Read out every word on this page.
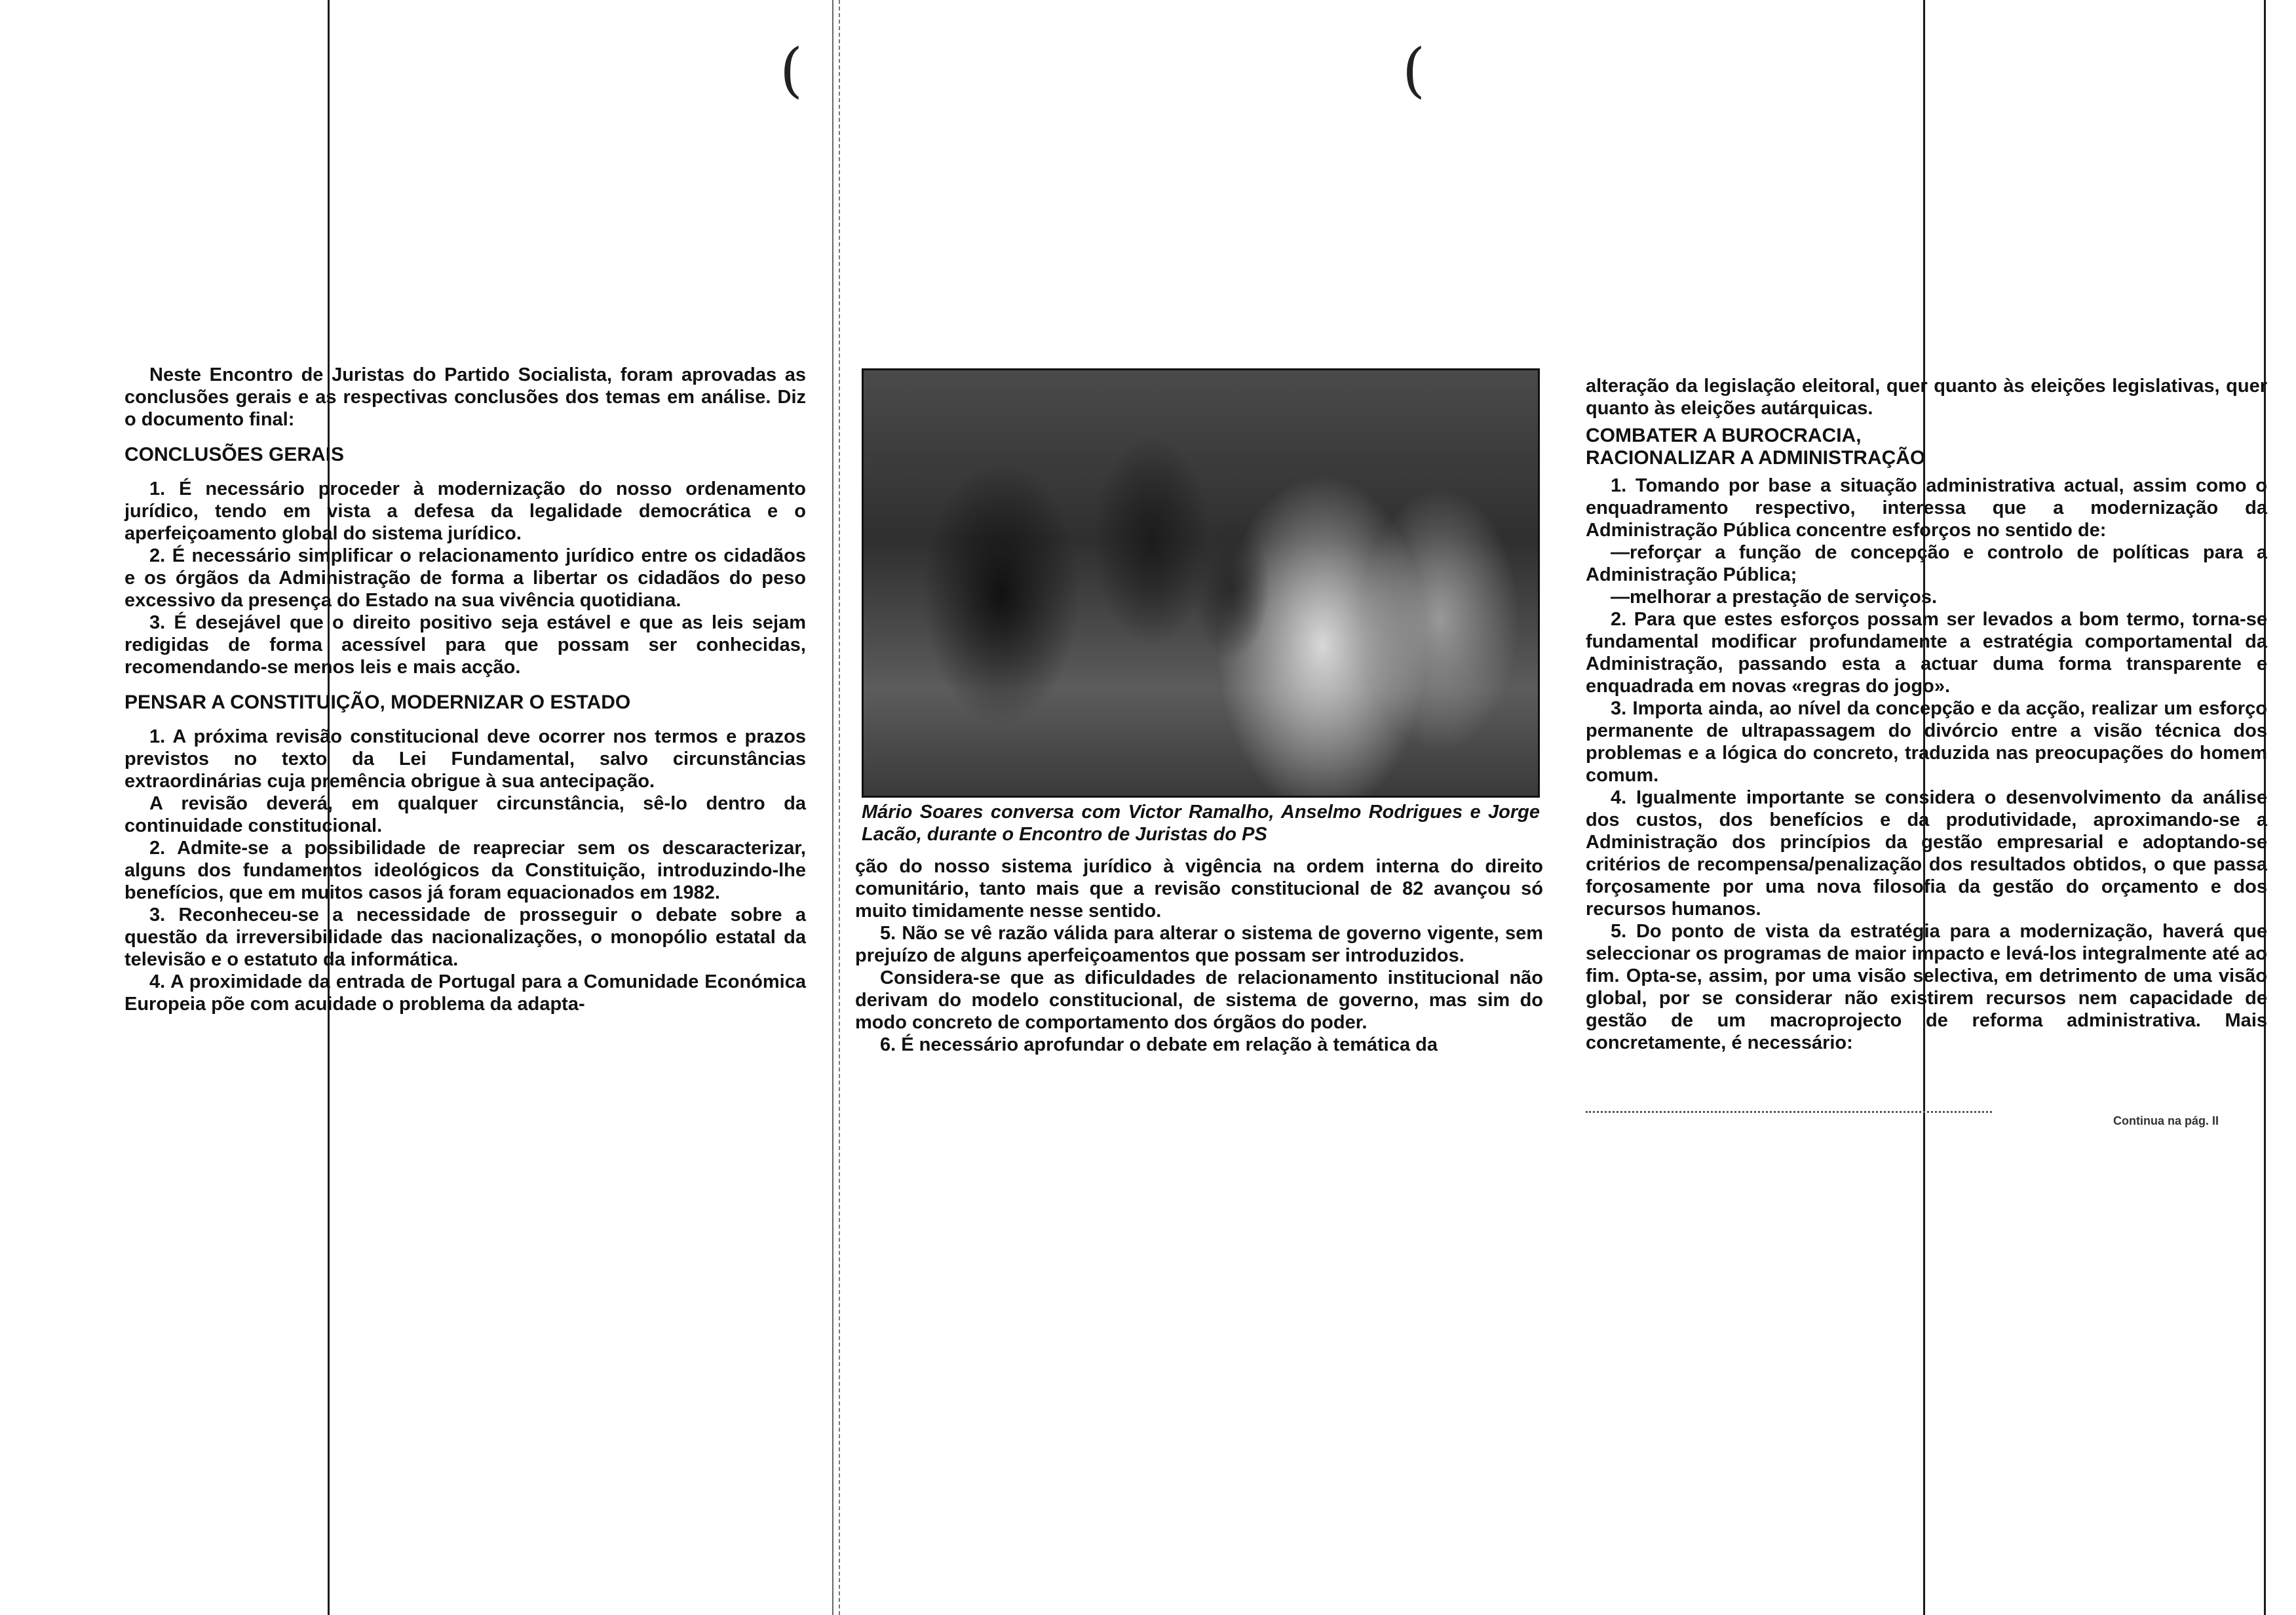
(	(

Neste Encontro de Juristas do Partido Socialista, foram aprovadas as conclusões gerais e as respectivas conclusões dos temas em análise. Diz o documento final:

CONCLUSÕES GERAIS

1. É necessário proceder à modernização do nosso ordenamento jurídico, tendo em vista a defesa da legalidade democrática e o aperfeiçoamento global do sistema jurídico.

2. É necessário simplificar o relacionamento jurídico entre os cidadãos e os órgãos da Administração de forma a libertar os cidadãos do peso excessivo da presença do Estado na sua vivência quotidiana.

3. É desejável que o direito positivo seja estável e que as leis sejam redigidas de forma acessível para que possam ser conhecidas, recomendando-se menos leis e mais acção.

PENSAR A CONSTITUIÇÃO, MODERNIZAR O ESTADO

1. A próxima revisão constitucional deve ocorrer nos termos e prazos previstos no texto da Lei Fundamental, salvo circunstâncias extraordinárias cuja premência obrigue à sua antecipação.

A revisão deverá, em qualquer circunstância, sê-lo dentro da continuidade constitucional.

2. Admite-se a possibilidade de reapreciar sem os descaracterizar, alguns dos fundamentos ideológicos da Constituição, introduzindo-lhe benefícios, que em muitos casos já foram equacionados em 1982.

3. Reconheceu-se a necessidade de prosseguir o debate sobre a questão da irreversibilidade das nacionalizações, o monopólio estatal da televisão e o estatuto da informática.

4. A proximidade da entrada de Portugal para a Comunidade Económica Europeia põe com acuidade o problema da adapta-

Mário Soares conversa com Victor Ramalho, Anselmo Rodrigues e Jorge Lacão, durante o Encontro de Juristas do PS

ção do nosso sistema jurídico à vigência na ordem interna do direito comunitário, tanto mais que a revisão constitucional de 82 avançou só muito timidamente nesse sentido.

5. Não se vê razão válida para alterar o sistema de governo vigente, sem prejuízo de alguns aperfeiçoamentos que possam ser introduzidos.

Considera-se que as dificuldades de relacionamento institucional não derivam do modelo constitucional, de sistema de governo, mas sim do modo concreto de comportamento dos órgãos do poder.

6. É necessário aprofundar o debate em relação à temática da

alteração da legislação eleitoral, quer quanto às eleições legislativas, quer quanto às eleições autárquicas.

COMBATER A BUROCRACIA,
RACIONALIZAR A ADMINISTRAÇÃO

1. Tomando por base a situação administrativa actual, assim como o enquadramento respectivo, interessa que a modernização da Administração Pública concentre esforços no sentido de:

—reforçar a função de concepção e controlo de políticas para a Administração Pública;

—melhorar a prestação de serviços.

2. Para que estes esforços possam ser levados a bom termo, torna-se fundamental modificar profundamente a estratégia comportamental da Administração, passando esta a actuar duma forma transparente e enquadrada em novas «regras do jogo».

3. Importa ainda, ao nível da concepção e da acção, realizar um esforço permanente de ultrapassagem do divórcio entre a visão técnica dos problemas e a lógica do concreto, traduzida nas preocupações do homem comum.

4. Igualmente importante se considera o desenvolvimento da análise dos custos, dos benefícios e da produtividade, aproximando-se a Administração dos princípios da gestão empresarial e adoptando-se critérios de recompensa/penalização dos resultados obtidos, o que passa forçosamente por uma nova filosofia da gestão do orçamento e dos recursos humanos.

5. Do ponto de vista da estratégia para a modernização, haverá que seleccionar os programas de maior impacto e levá-los integralmente até ao fim. Opta-se, assim, por uma visão selectiva, em detrimento de uma visão global, por se considerar não existirem recursos nem capacidade de gestão de um macroprojecto de reforma administrativa. Mais concretamente, é necessário:

Continua na pág. II
